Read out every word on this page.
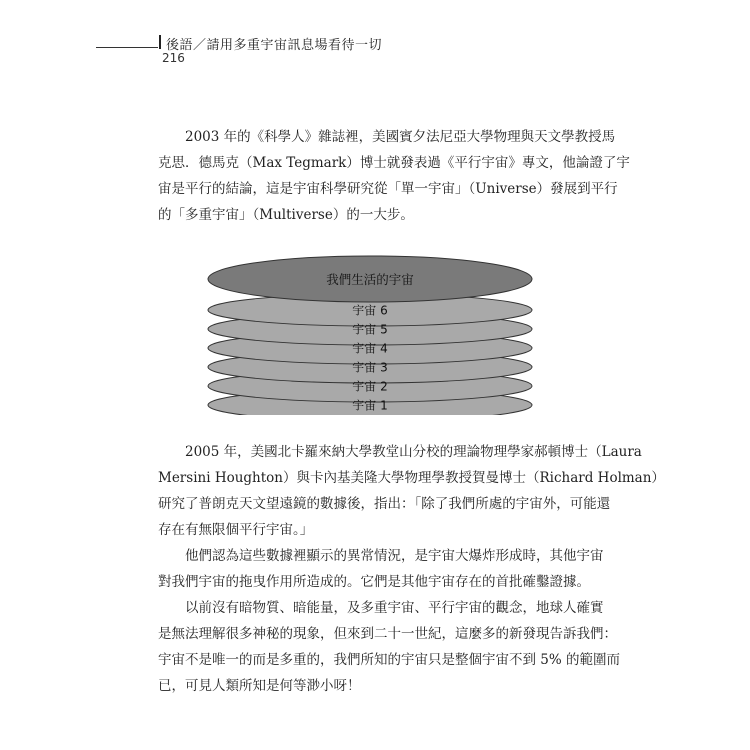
後語／請用多重宇宙訊息場看待一切
216

　　2003 年的《科學人》雜誌裡，美國賓夕法尼亞大學物理與天文學教授馬
克思．德馬克（Max Tegmark）博士就發表過《平行宇宙》專文，他論證了宇
宙是平行的結論，這是宇宙科學研究從「單一宇宙」（Universe）發展到平行
的「多重宇宙」（Multiverse）的一大步。

宇宙 6
宇宙 5
宇宙 4
宇宙 3
宇宙 2
宇宙 1
我們生活的宇宙

　　2005 年，美國北卡羅來納大學教堂山分校的理論物理學家郝頓博士（Laura
Mersini Houghton）與卡內基美隆大學物理學教授賀曼博士（Richard Holman）
研究了普朗克天文望遠鏡的數據後，指出：「除了我們所處的宇宙外，可能還
存在有無限個平行宇宙。」

　　他們認為這些數據裡顯示的異常情況，是宇宙大爆炸形成時，其他宇宙
對我們宇宙的拖曳作用所造成的。它們是其他宇宙存在的首批確鑿證據。

　　以前沒有暗物質、暗能量，及多重宇宙、平行宇宙的觀念，地球人確實
是無法理解很多神秘的現象，但來到二十一世紀，這麼多的新發現告訴我們：
宇宙不是唯一的而是多重的，我們所知的宇宙只是整個宇宙不到 5% 的範圍而
已，可見人類所知是何等渺小呀！
